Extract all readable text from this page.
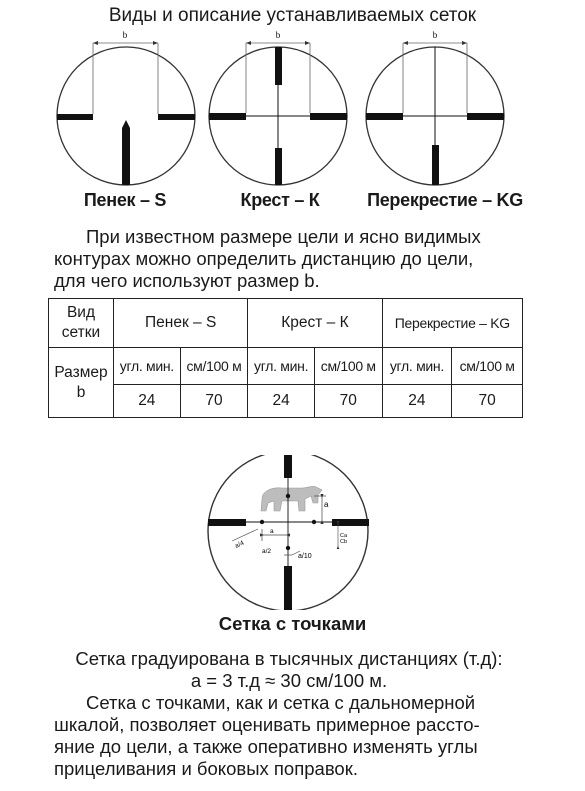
Виды и описание устанавливаемых сеток
b	b	b
Пенек – S	Крест – К	Перекрестие – KG

При известном размере цели и ясно видимых

контурах можно определить дистанцию до цели,

для чего используют размер b.

Вид сетки	Пенек – S		Крест – К		Перекрестие – KG	
Размер b	угл. мин.	см/100 м	угл. мин.	см/100 м	угл. мин.	см/100 м
	24	70	24	70	24	70
a
a/4
a
a/10
a/2
Ca
Cb
Сетка с точками

Сетка градуирована в тысячных дистанциях (т.д):

а = 3 т.д ≈ 30 см/100 м.

Сетка с точками, как и сетка с дальномерной

шкалой, позволяет оценивать примерное рассто-

яние до цели, а также оперативно изменять углы

прицеливания и боковых поправок.
